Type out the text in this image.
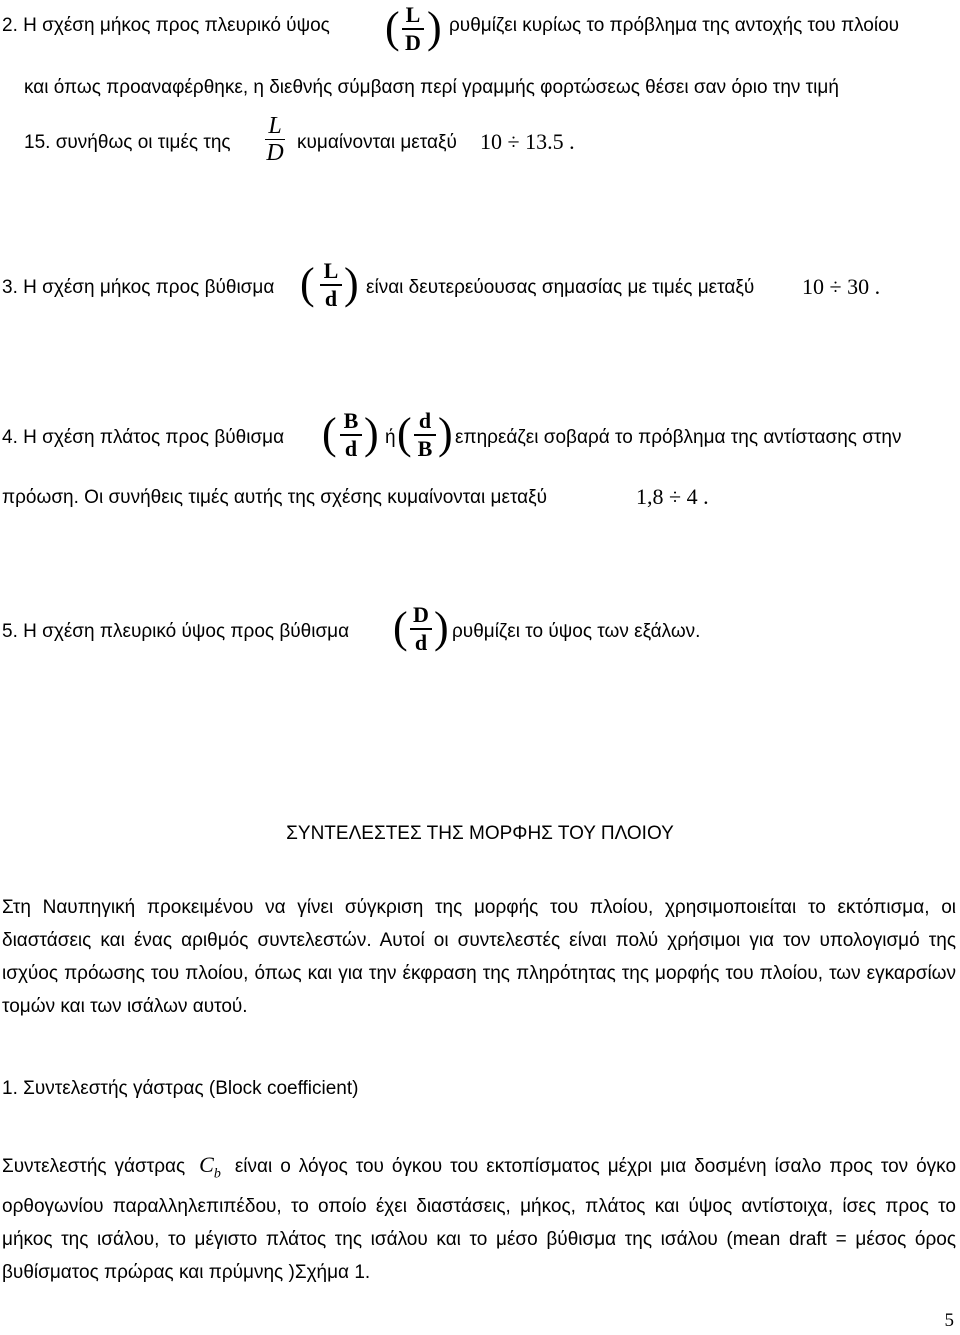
2. Η σχέση μήκος προς πλευρικό ύψος ( L
D ) ρυθμίζει κυρίως το πρόβλημα της αντοχής του πλοίου
και όπως προαναφέρθηκε, η διεθνής σύμβαση περί γραμμής φορτώσεως θέσει σαν όριο την τιμή
15. συνήθως οι τιμές της
L
D κυμαίνονται μεταξύ 10 ÷ 13.5 .
3. Η σχέση μήκος προς βύθισμα ( L
d ) είναι δευτερεύουσας σημασίας με τιμές μεταξύ 10 ÷ 30 .
4. Η σχέση πλάτος προς βύθισμα ( B
d ) ή ( d
B ) επηρεάζει σοβαρά το πρόβλημα της αντίστασης στην
πρόωση. Οι συνήθεις τιμές αυτής της σχέσης κυμαίνονται μεταξύ	1,8 ÷ 4 .
5. Η σχέση πλευρικό ύψος προς βύθισμα ( D
d ) ρυθμίζει το ύψος των εξάλων.
ΣΥΝΤΕΛΕΣΤΕΣ ΤΗΣ ΜΟΡΦΗΣ ΤΟΥ ΠΛΟΙΟΥ
Στη Ναυπηγική προκειμένου να γίνει σύγκριση της μορφής του πλοίου, χρησιμοποιείται το εκτόπισμα, οι διαστάσεις και ένας αριθμός συντελεστών. Αυτοί οι συντελεστές είναι πολύ χρήσιμοι για τον υπολογισμό της ισχύος πρόωσης του πλοίου, όπως και για την έκφραση της πληρότητας της μορφής του πλοίου, των εγκαρσίων τομών και των ισάλων αυτού.
1. Συντελεστής γάστρας (Block coefficient)
Συντελεστής γάστρας $C_b$ είναι ο λόγος του όγκου του εκτοπίσματος μέχρι μια δοσμένη ίσαλο προς τον όγκο ορθογωνίου παραλληλεπιπέδου, το οποίο έχει διαστάσεις, μήκος, πλάτος και ύψος αντίστοιχα, ίσες προς το μήκος της ισάλου, το μέγιστο πλάτος της ισάλου και το μέσο βύθισμα της ισάλου (mean draft = μέσος όρος βυθίσματος πρώρας και πρύμνης )Σχήμα 1.
5
